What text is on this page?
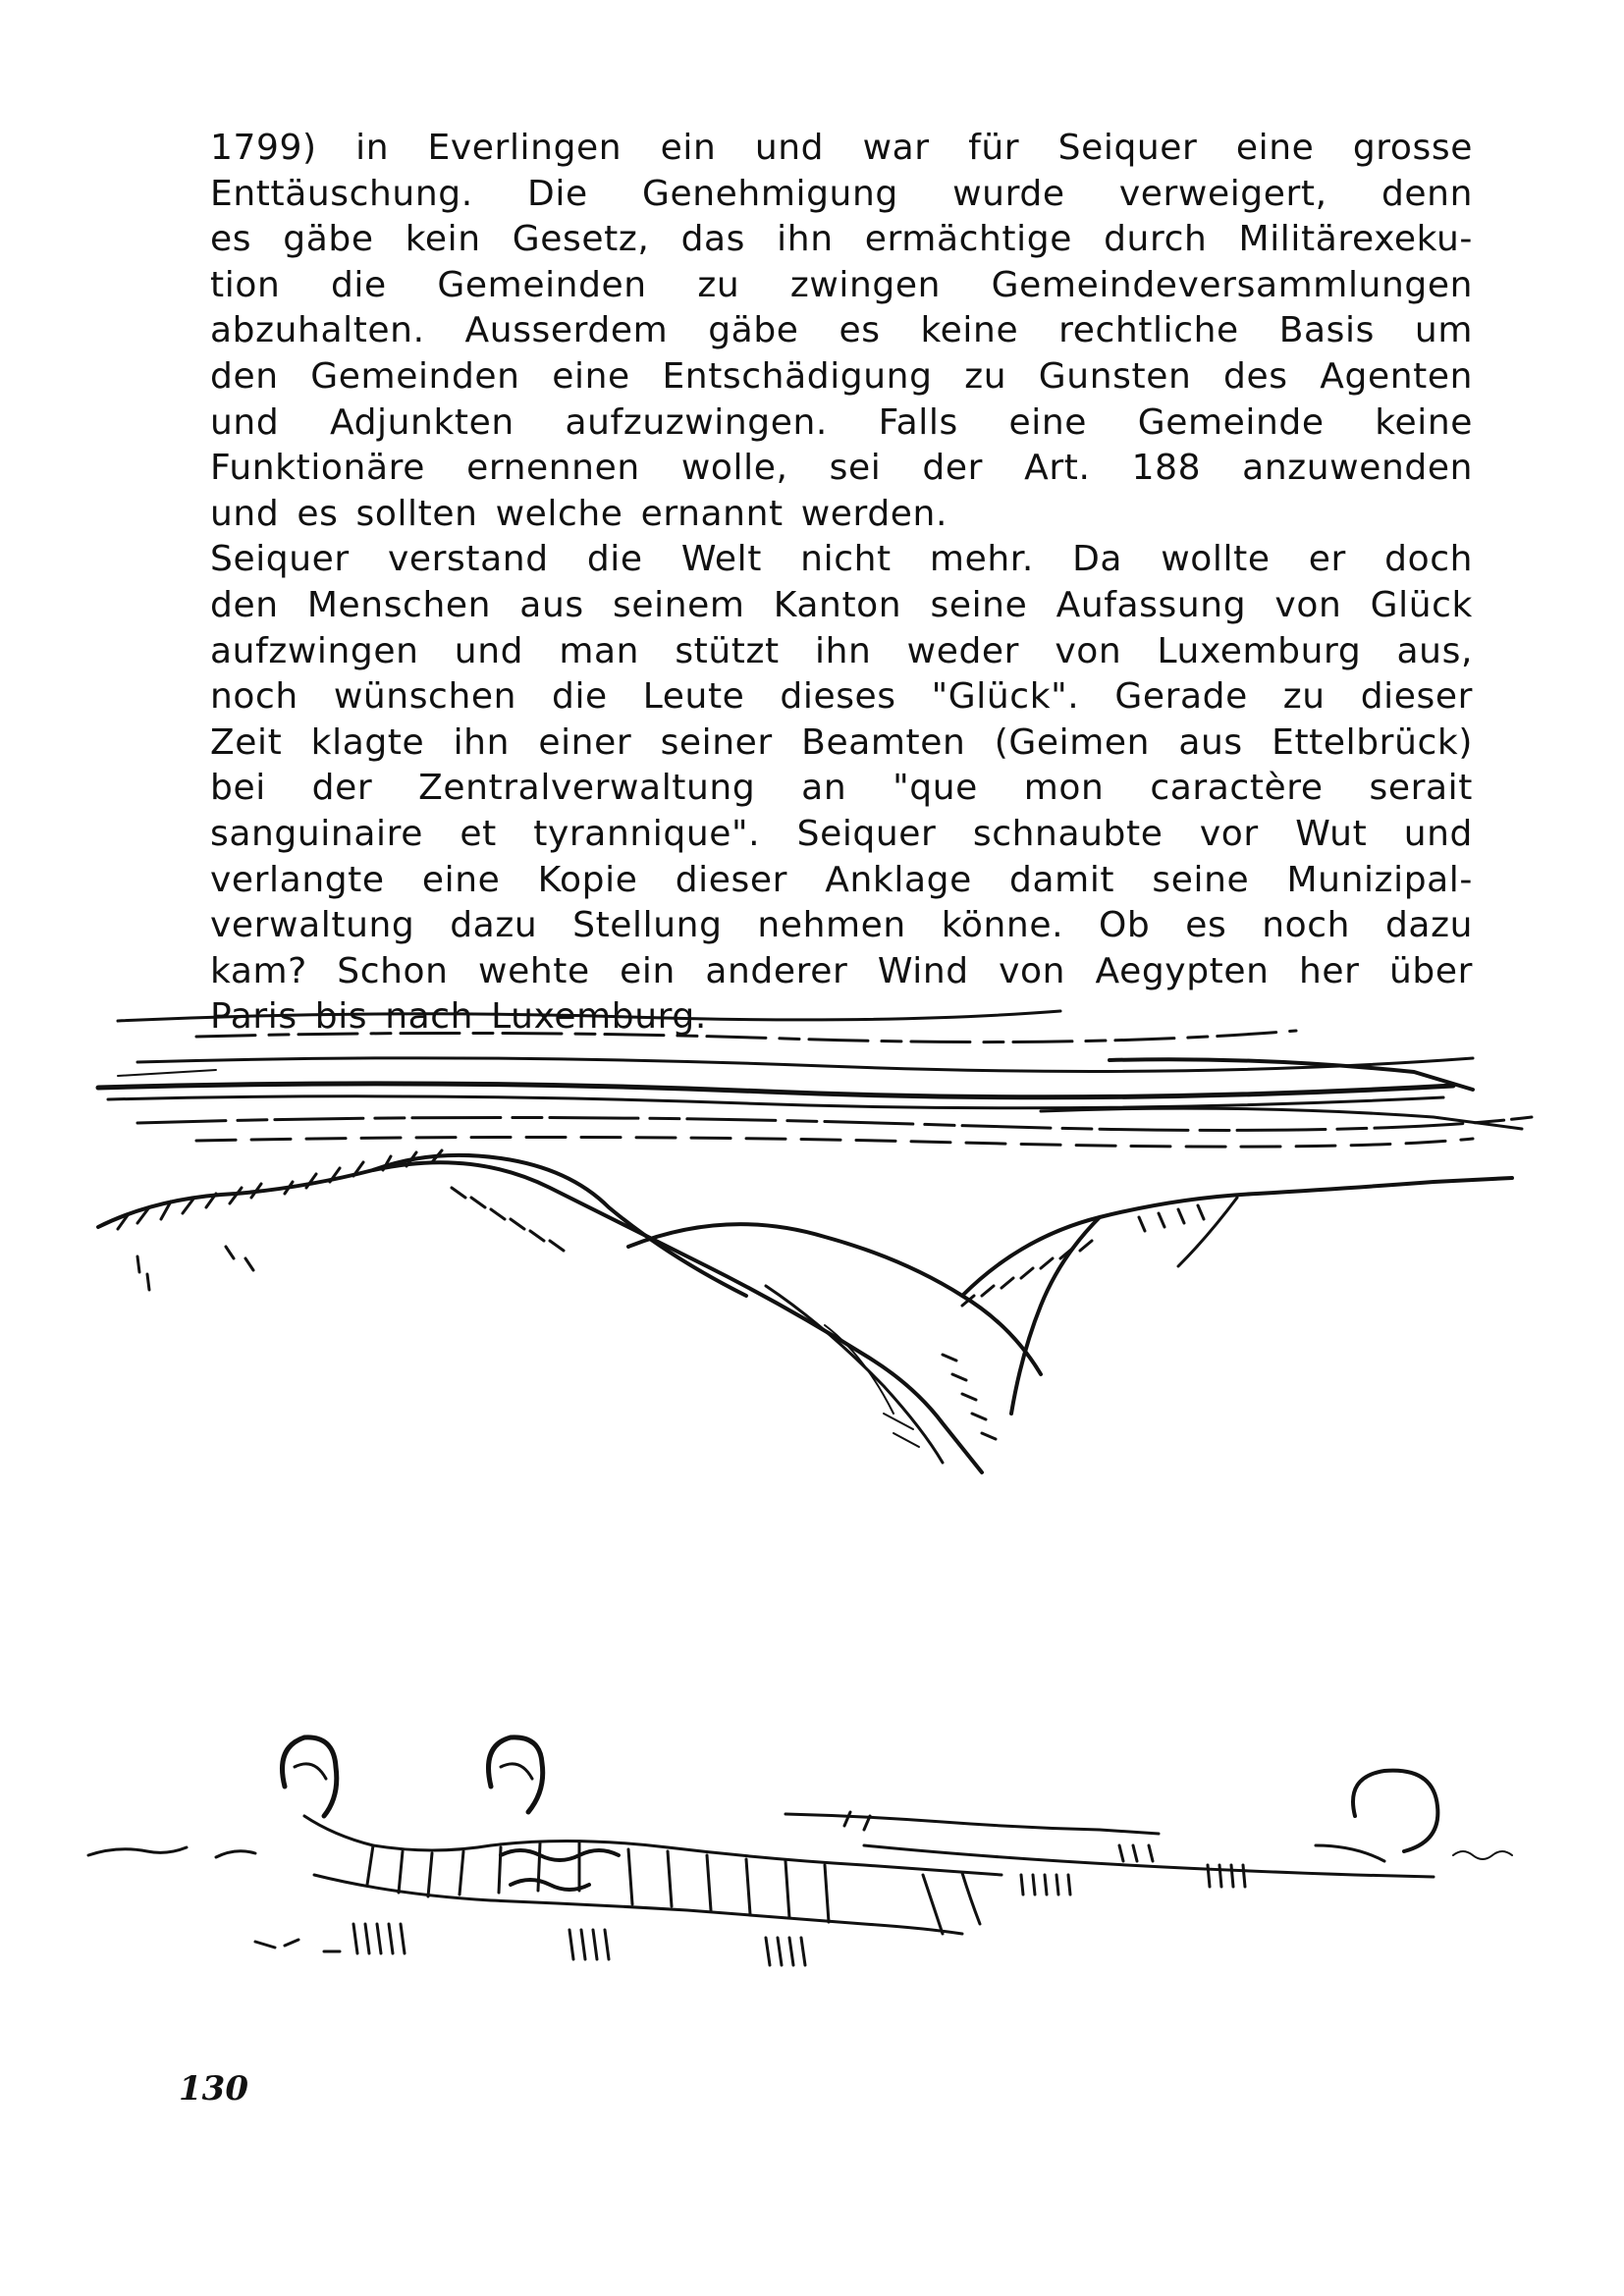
1799) in Everlingen ein und war für Seiquer eine grosse
Enttäuschung. Die Genehmigung wurde verweigert, denn
es gäbe kein Gesetz, das ihn ermächtige durch Militärexeku-
tion die Gemeinden zu zwingen Gemeindeversammlungen
abzuhalten. Ausserdem gäbe es keine rechtliche Basis um
den Gemeinden eine Entschädigung zu Gunsten des Agenten
und Adjunkten aufzuzwingen. Falls eine Gemeinde keine
Funktionäre ernennen wolle, sei der Art. 188 anzuwenden
und es sollten welche ernannt werden.
Seiquer verstand die Welt nicht mehr. Da wollte er doch
den Menschen aus seinem Kanton seine Aufassung von Glück
aufzwingen und man stützt ihn weder von Luxemburg aus,
noch wünschen die Leute dieses "Glück". Gerade zu dieser
Zeit klagte ihn einer seiner Beamten (Geimen aus Ettelbrück)
bei der Zentralverwaltung an "que mon caractère serait
sanguinaire et tyrannique". Seiquer schnaubte vor Wut und
verlangte eine Kopie dieser Anklage damit seine Munizipal-
verwaltung dazu Stellung nehmen könne. Ob es noch dazu
kam? Schon wehte ein anderer Wind von Aegypten her über
Paris bis nach Luxemburg.
130
